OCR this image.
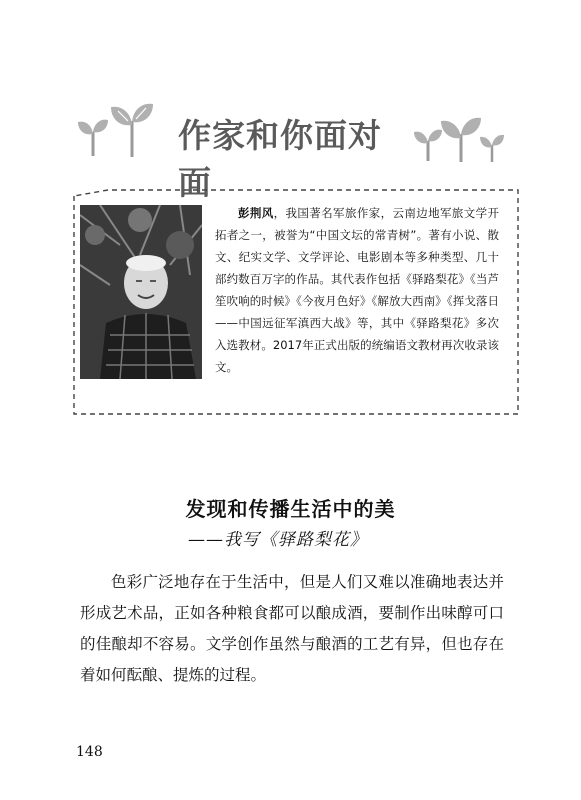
作家和你面对面
彭荆风，我国著名军旅作家，云南边地军旅文学开拓者之一，被誉为“中国文坛的常青树”。著有小说、散文、纪实文学、文学评论、电影剧本等多种类型、几十部约数百万字的作品。其代表作包括《驿路梨花》《当芦笙吹响的时候》《今夜月色好》《解放大西南》《挥戈落日——中国远征军滇西大战》等，其中《驿路梨花》多次入选教材。2017年正式出版的统编语文教材再次收录该文。
发现和传播生活中的美
——我写《驿路梨花》
色彩广泛地存在于生活中，但是人们又难以准确地表达并形成艺术品，正如各种粮食都可以酿成酒，要制作出味醇可口的佳酿却不容易。文学创作虽然与酿酒的工艺有异，但也存在着如何酝酿、提炼的过程。
148
